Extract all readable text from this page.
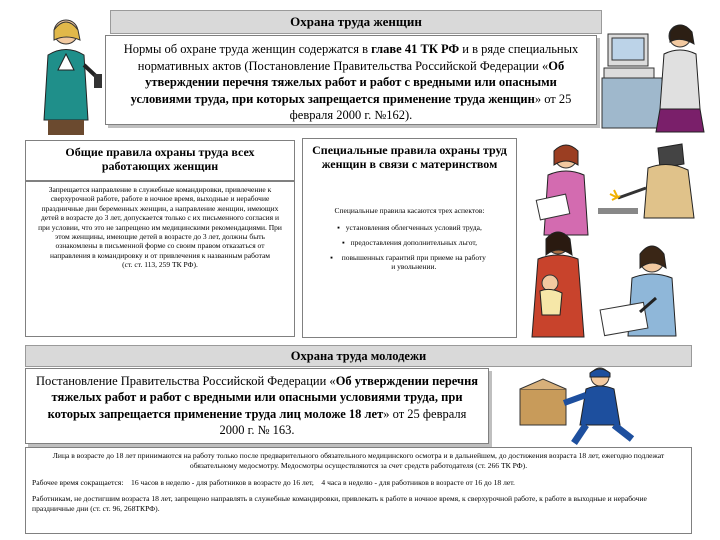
Охрана труда женщин
Нормы об охране труда женщин содержатся в главе 41 ТК РФ и в ряде специальных нормативных актов (Постановление Правительства Российской Федерации «Об утверждении перечня тяжелых работ и работ с вредными или опасными условиями труда, при которых запрещается применение труда женщин» от 25 февраля 2000 г. №162).
Общие правила охраны труда всех работающих женщин
Запрещается направление в служебные командировки, привлечение к сверхурочной работе, работе в ночное время, выходные и нерабочие праздничные дни беременных женщин, а направление женщин, имеющих детей в возрасте до 3 лет, допускается только с их письменного согласия и при условии, что это не запрещено им медицинскими рекомендациями. При этом женщины, имеющие детей в возрасте до 3 лет, должны быть ознакомлены в письменной форме со своим правом отказаться от направления в командировку и от привлечения к названным работам
(ст. ст. 113, 259 ТК РФ).
Специальные правила охраны труд женщин в связи с материнством
Специальные правила касаются трех аспектов:
▪ установления облегченных условий труда,
▪ предоставления дополнительных льгот,
▪	повышенных гарантий при приеме на работу и увольнении.
Охрана труда молодежи
Постановление Правительства Российской Федерации «Об утверждении перечня тяжелых работ и работ с вредными или опасными условиями труда, при которых запрещается применение труда лиц моложе 18 лет» от 25 февраля 2000 г. № 163.
Лица в возрасте до 18 лет принимаются на работу только после предварительного обязательного медицинского осмотра и в дальнейшем, до достижения возраста 18 лет, ежегодно подлежат обязательному медосмотру. Медосмотры осуществляются за счет средств работодателя (ст. 266 ТК РФ).
Рабочее время сокращается:    16 часов в неделю - для работников в возрасте до 16 лет,    4 часа в неделю - для работников в возрасте от 16 до 18 лет.
Работникам, не достигшим возраста 18 лет, запрещено направлять в служебные командировки, привлекать к работе в ночное время, к сверхурочной работе, к работе в выходные и нерабочие праздничные дни (ст. ст. 96, 268ТКРФ).
